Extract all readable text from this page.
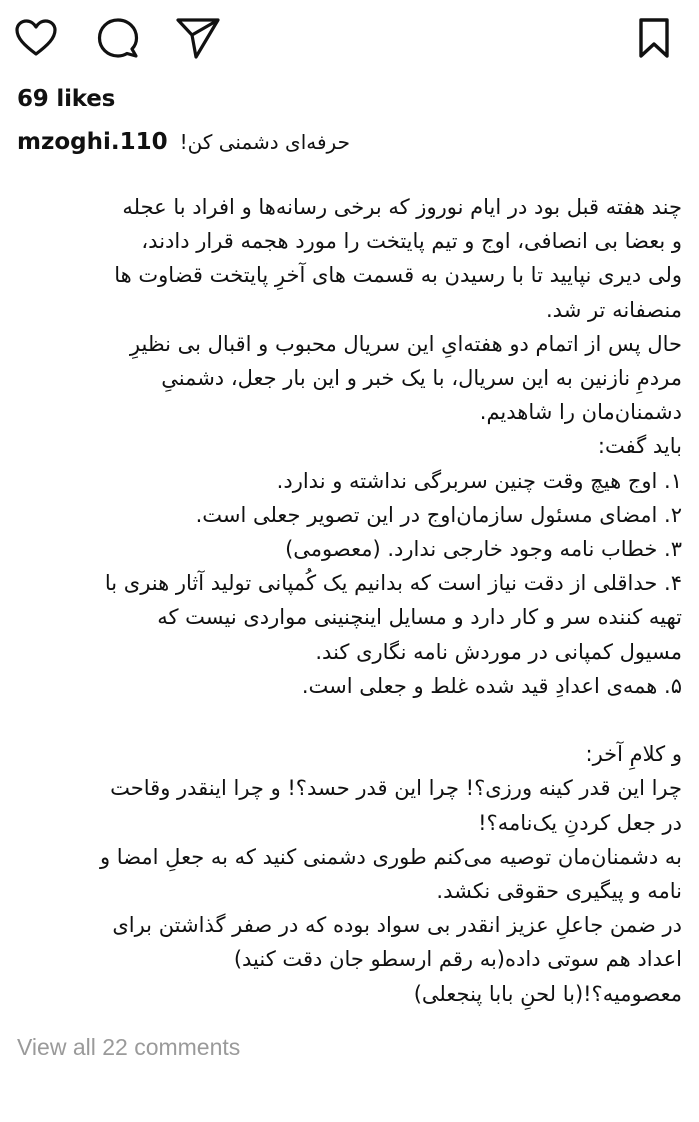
69 likes
mzoghi.110 حرفه‌ای دشمنی کن!
چند هفته قبل بود در ایام نوروز که برخی رسانه‌ها و افراد با عجله
و بعضا بی انصافی، اوج و تیم پایتخت را مورد هجمه قرار دادند،
ولی دیری نپایید تا با رسیدن به قسمت های آخرِ پایتخت قضاوت ها
منصفانه تر شد.
حال پس از اتمام دو هفته‌ایِ این سریال محبوب و اقبال بی نظیرِ
مردمِ نازنین به این سریال، با یک خبر و این بار جعل، دشمنیِ
دشمنان‌مان را شاهدیم.
باید گفت:
۱. اوج هیچ وقت چنین سربرگی نداشته و ندارد.
۲. امضای مسئول سازمان‌اوج در این تصویر جعلی است.
۳. خطاب نامه وجود خارجی ندارد. (معصومی)
۴. حداقلی از دقت نیاز است که بدانیم یک کُمپانی تولید آثار هنری با
تهیه کننده سر و کار دارد و مسایل اینچنینی مواردی نیست که
مسیول کمپانی در موردش نامه نگاری کند.
۵. همه‌ی اعدادِ قید شده غلط و جعلی است.

و کلامِ آخر:
چرا این قدر کینه ورزی؟! چرا این قدر حسد؟! و چرا اینقدر وقاحت
در جعل کردنِ یک‌نامه؟!
به دشمنان‌مان توصیه می‌کنم طوری دشمنی کنید که به جعلِ امضا و
نامه و پیگیری حقوقی نکشد.
در ضمن جاعلِ عزیز انقدر بی سواد بوده که در صفر گذاشتن برای
اعداد هم سوتی داده(به رقم ارسطو جان دقت کنید)
معصومیه؟!(با لحنِ بابا پنجعلی)
View all 22 comments
